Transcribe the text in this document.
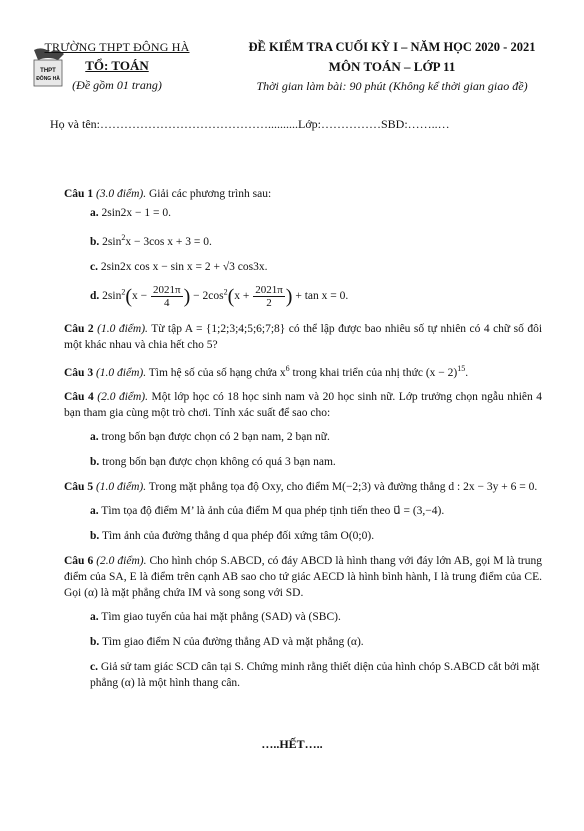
THPT
ĐÔNG HÀ
TRƯỜNG THPT ĐÔNG HÀ
TỔ: TOÁN
(Đề gồm 01 trang)
ĐỀ KIỂM TRA CUỐI KỲ I – NĂM HỌC 2020 - 2021
MÔN TOÁN – LỚP 11
Thời gian làm bài: 90 phút (Không kể thời gian giao đề)
Họ và tên:……………………………………..........Lớp:……………SBD:……..…

Câu 1 (3.0 điểm). Giải các phương trình sau:

a. 2sin2x − 1 = 0.

b. $2\sin^2x - 3\cos$ x + 3 = 0.

c. 2sin2x cos x − sin x = 2 + √3 cos3x.

d. $2\sin^2(x - \frac{2021\pi}{4}$ ) − $2\cos^2(x + \frac{2021\pi}{2}$ ) + tan x = 0.

Câu 2 (1.0 điểm). Từ tập A = {1;2;3;4;5;6;7;8} có thể lập được bao nhiêu số tự nhiên có 4 chữ số đôi một khác nhau và chia hết cho 5?

Câu 3 (1.0 điểm). Tìm hệ số của số hạng chứa $x^6$ trong khai triển của nhị thức $(x - 2)^{15}$.

Câu 4 (2.0 điểm). Một lớp học có 18 học sinh nam và 20 học sinh nữ. Lớp trưởng chọn ngẫu nhiên 4 bạn tham gia cùng một trò chơi. Tính xác suất để sao cho:

a. trong bốn bạn được chọn có 2 bạn nam, 2 bạn nữ.

b. trong bốn bạn được chọn không có quá 3 bạn nam.

Câu 5 (1.0 điểm). Trong mặt phẳng tọa độ Oxy, cho điểm M(−2;3) và đường thẳng d : 2x − 3y + 6 = 0.

a. Tìm tọa độ điểm M’ là ảnh của điểm M qua phép tịnh tiến theo u⃗ = (3,−4).

b. Tìm ảnh của đường thẳng d qua phép đối xứng tâm O(0;0).

Câu 6 (2.0 điểm). Cho hình chóp S.ABCD, có đáy ABCD là hình thang với đáy lớn AB, gọi M là trung điểm của SA, E là điểm trên cạnh AB sao cho tứ giác AECD là hình bình hành, I là trung điểm của CE. Gọi (α) là mặt phẳng chứa IM và song song với SD.

a. Tìm giao tuyến của hai mặt phẳng (SAD) và (SBC).

b. Tìm giao điểm N của đường thẳng AD và mặt phẳng (α).

c. Giả sử tam giác SCD cân tại S. Chứng minh rằng thiết diện của hình chóp S.ABCD cắt bởi mặt phẳng (α) là một hình thang cân.

…..HẾT…..
